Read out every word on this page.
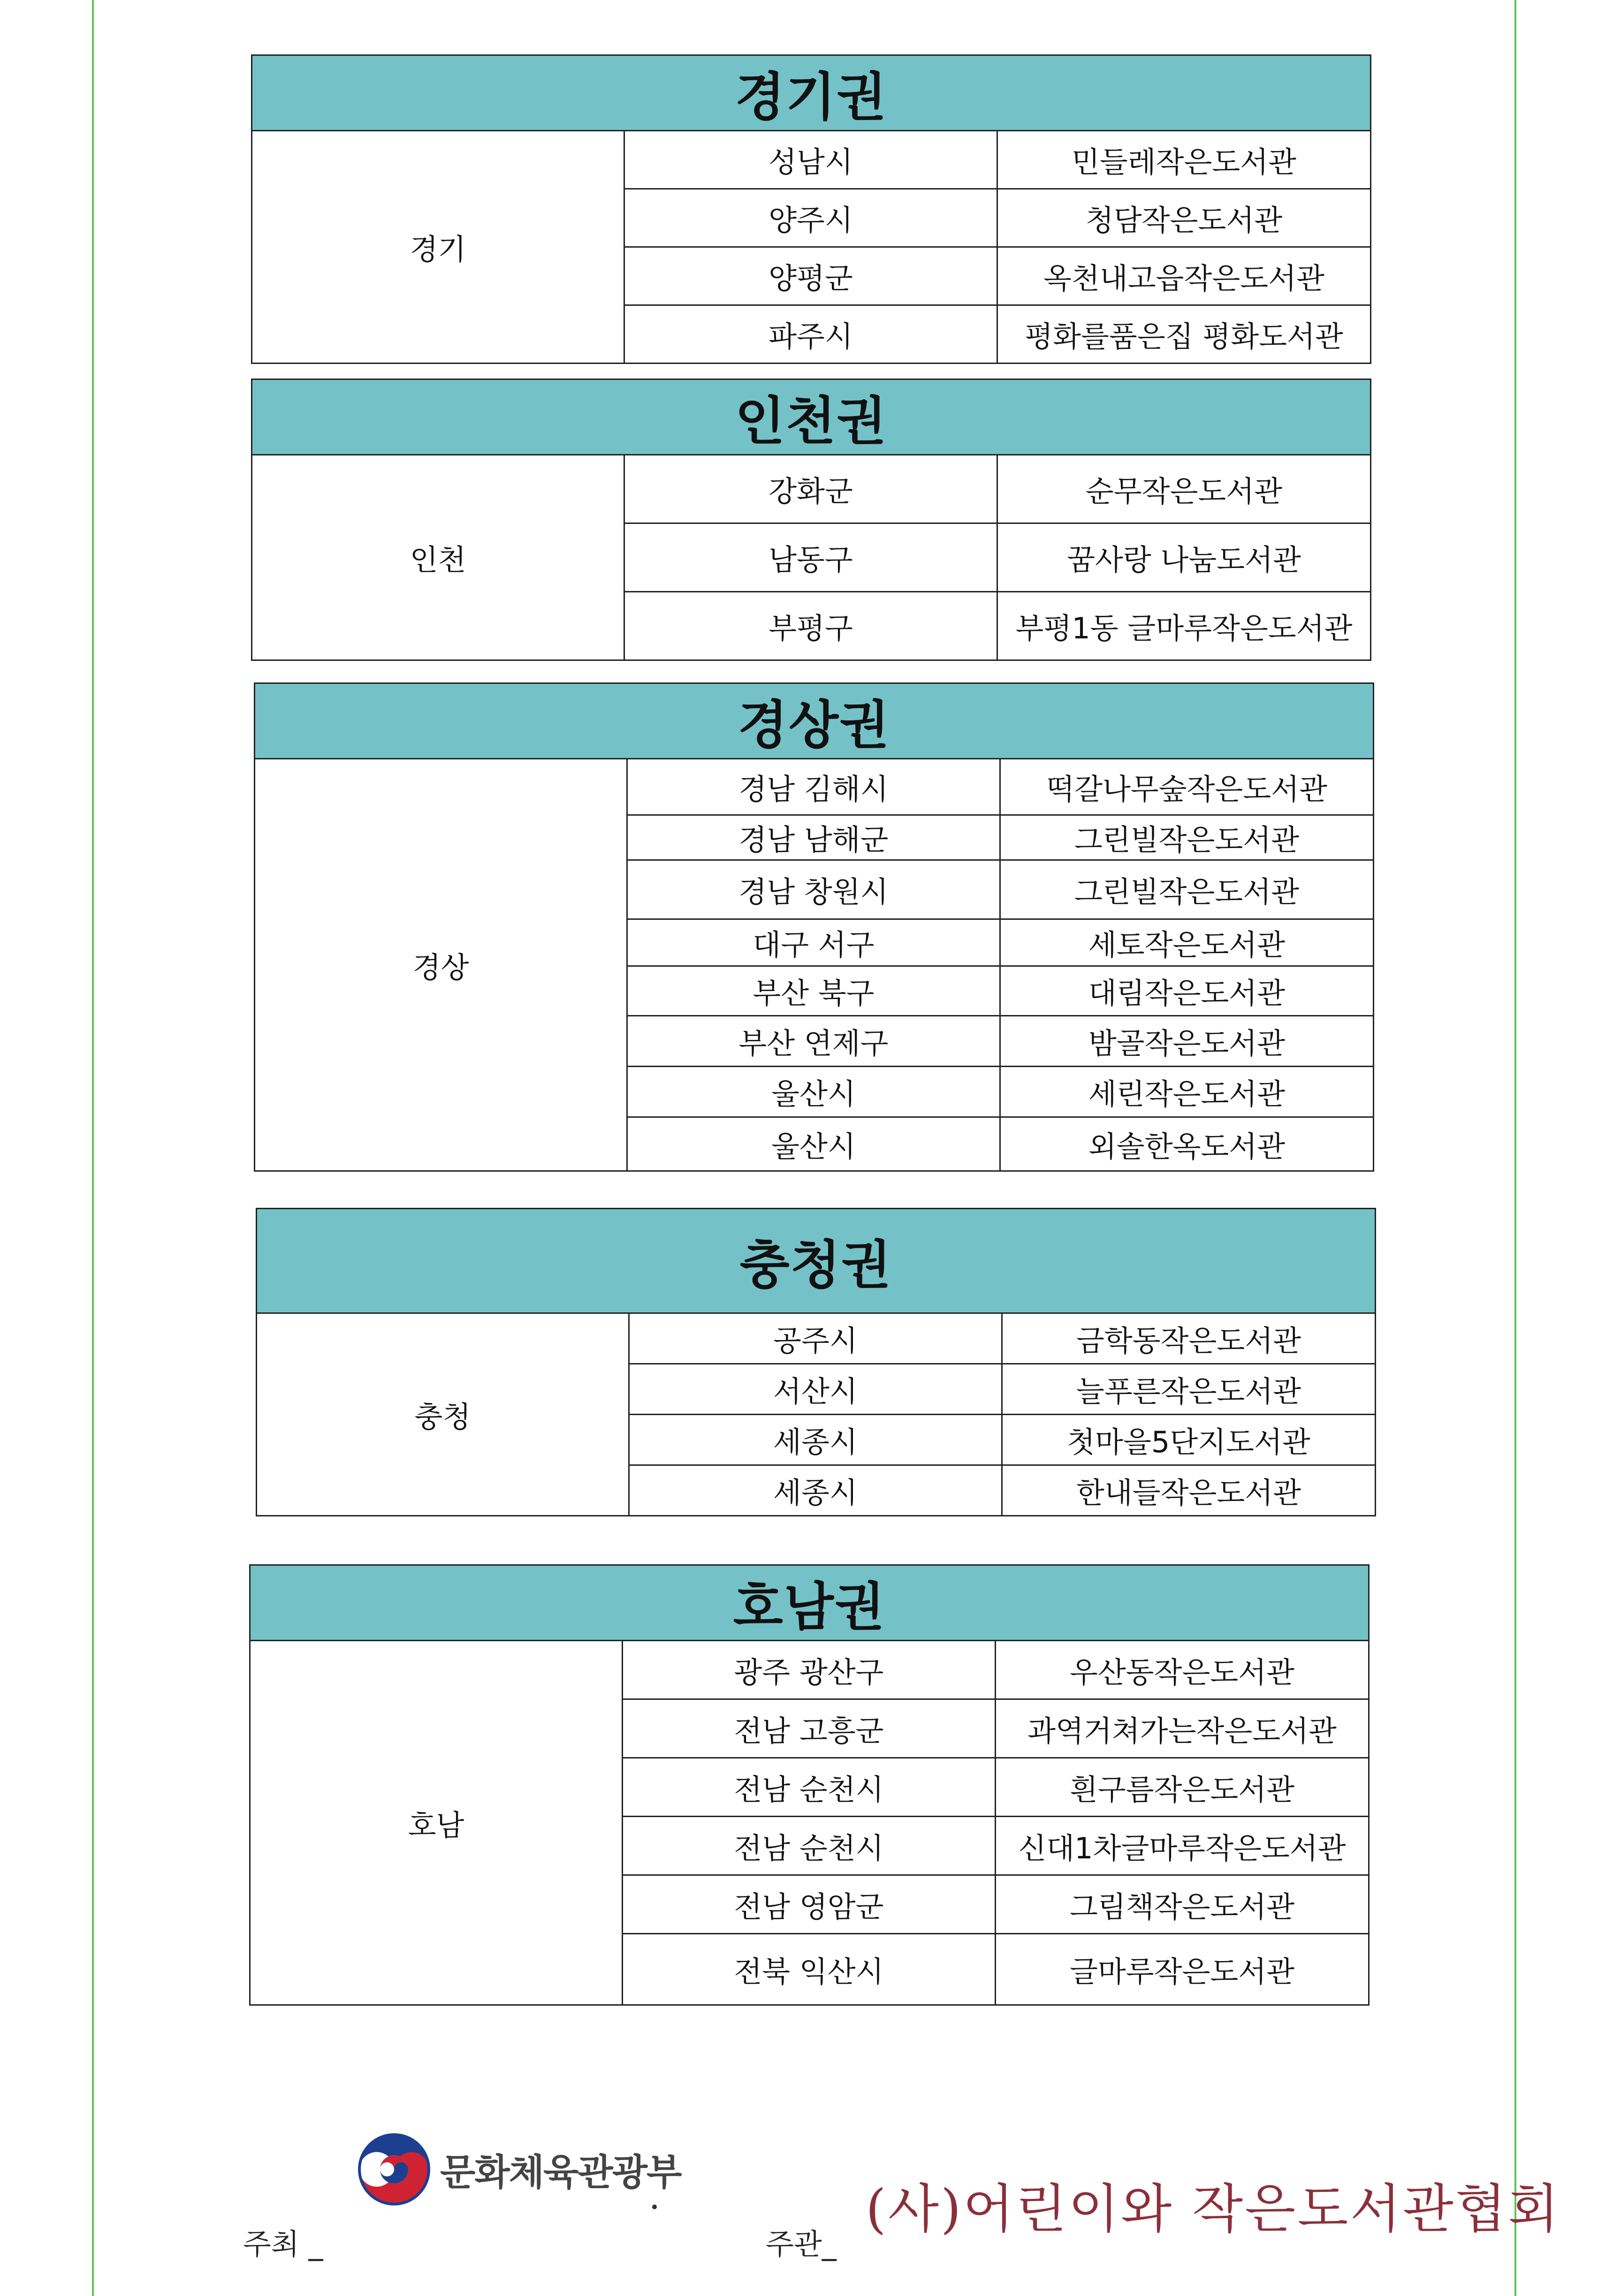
경기권		
경기	성남시	민들레작은도서관
	양주시	청담작은도서관
	양평군	옥천내고읍작은도서관
	파주시	평화를품은집 평화도서관
인천권		
인천	강화군	순무작은도서관
	남동구	꿈사랑 나눔도서관
	부평구	부평1동 글마루작은도서관
경상권		
경상	경남 김해시	떡갈나무숲작은도서관
	경남 남해군	그린빌작은도서관
	경남 창원시	그린빌작은도서관
	대구 서구	세토작은도서관
	부산 북구	대림작은도서관
	부산 연제구	밤골작은도서관
	울산시	세린작은도서관
	울산시	외솔한옥도서관
충청권		
충청	공주시	금학동작은도서관
	서산시	늘푸른작은도서관
	세종시	첫마을5단지도서관
	세종시	한내들작은도서관
호남권		
호남	광주 광산구	우산동작은도서관
	전남 고흥군	과역거쳐가는작은도서관
	전남 순천시	흰구름작은도서관
	전남 순천시	신대1차글마루작은도서관
	전남 영암군	그림책작은도서관
	전북 익산시	글마루작은도서관
주최 _
문화체육관광부
주관_
(사)어린이와 작은도서관협회
